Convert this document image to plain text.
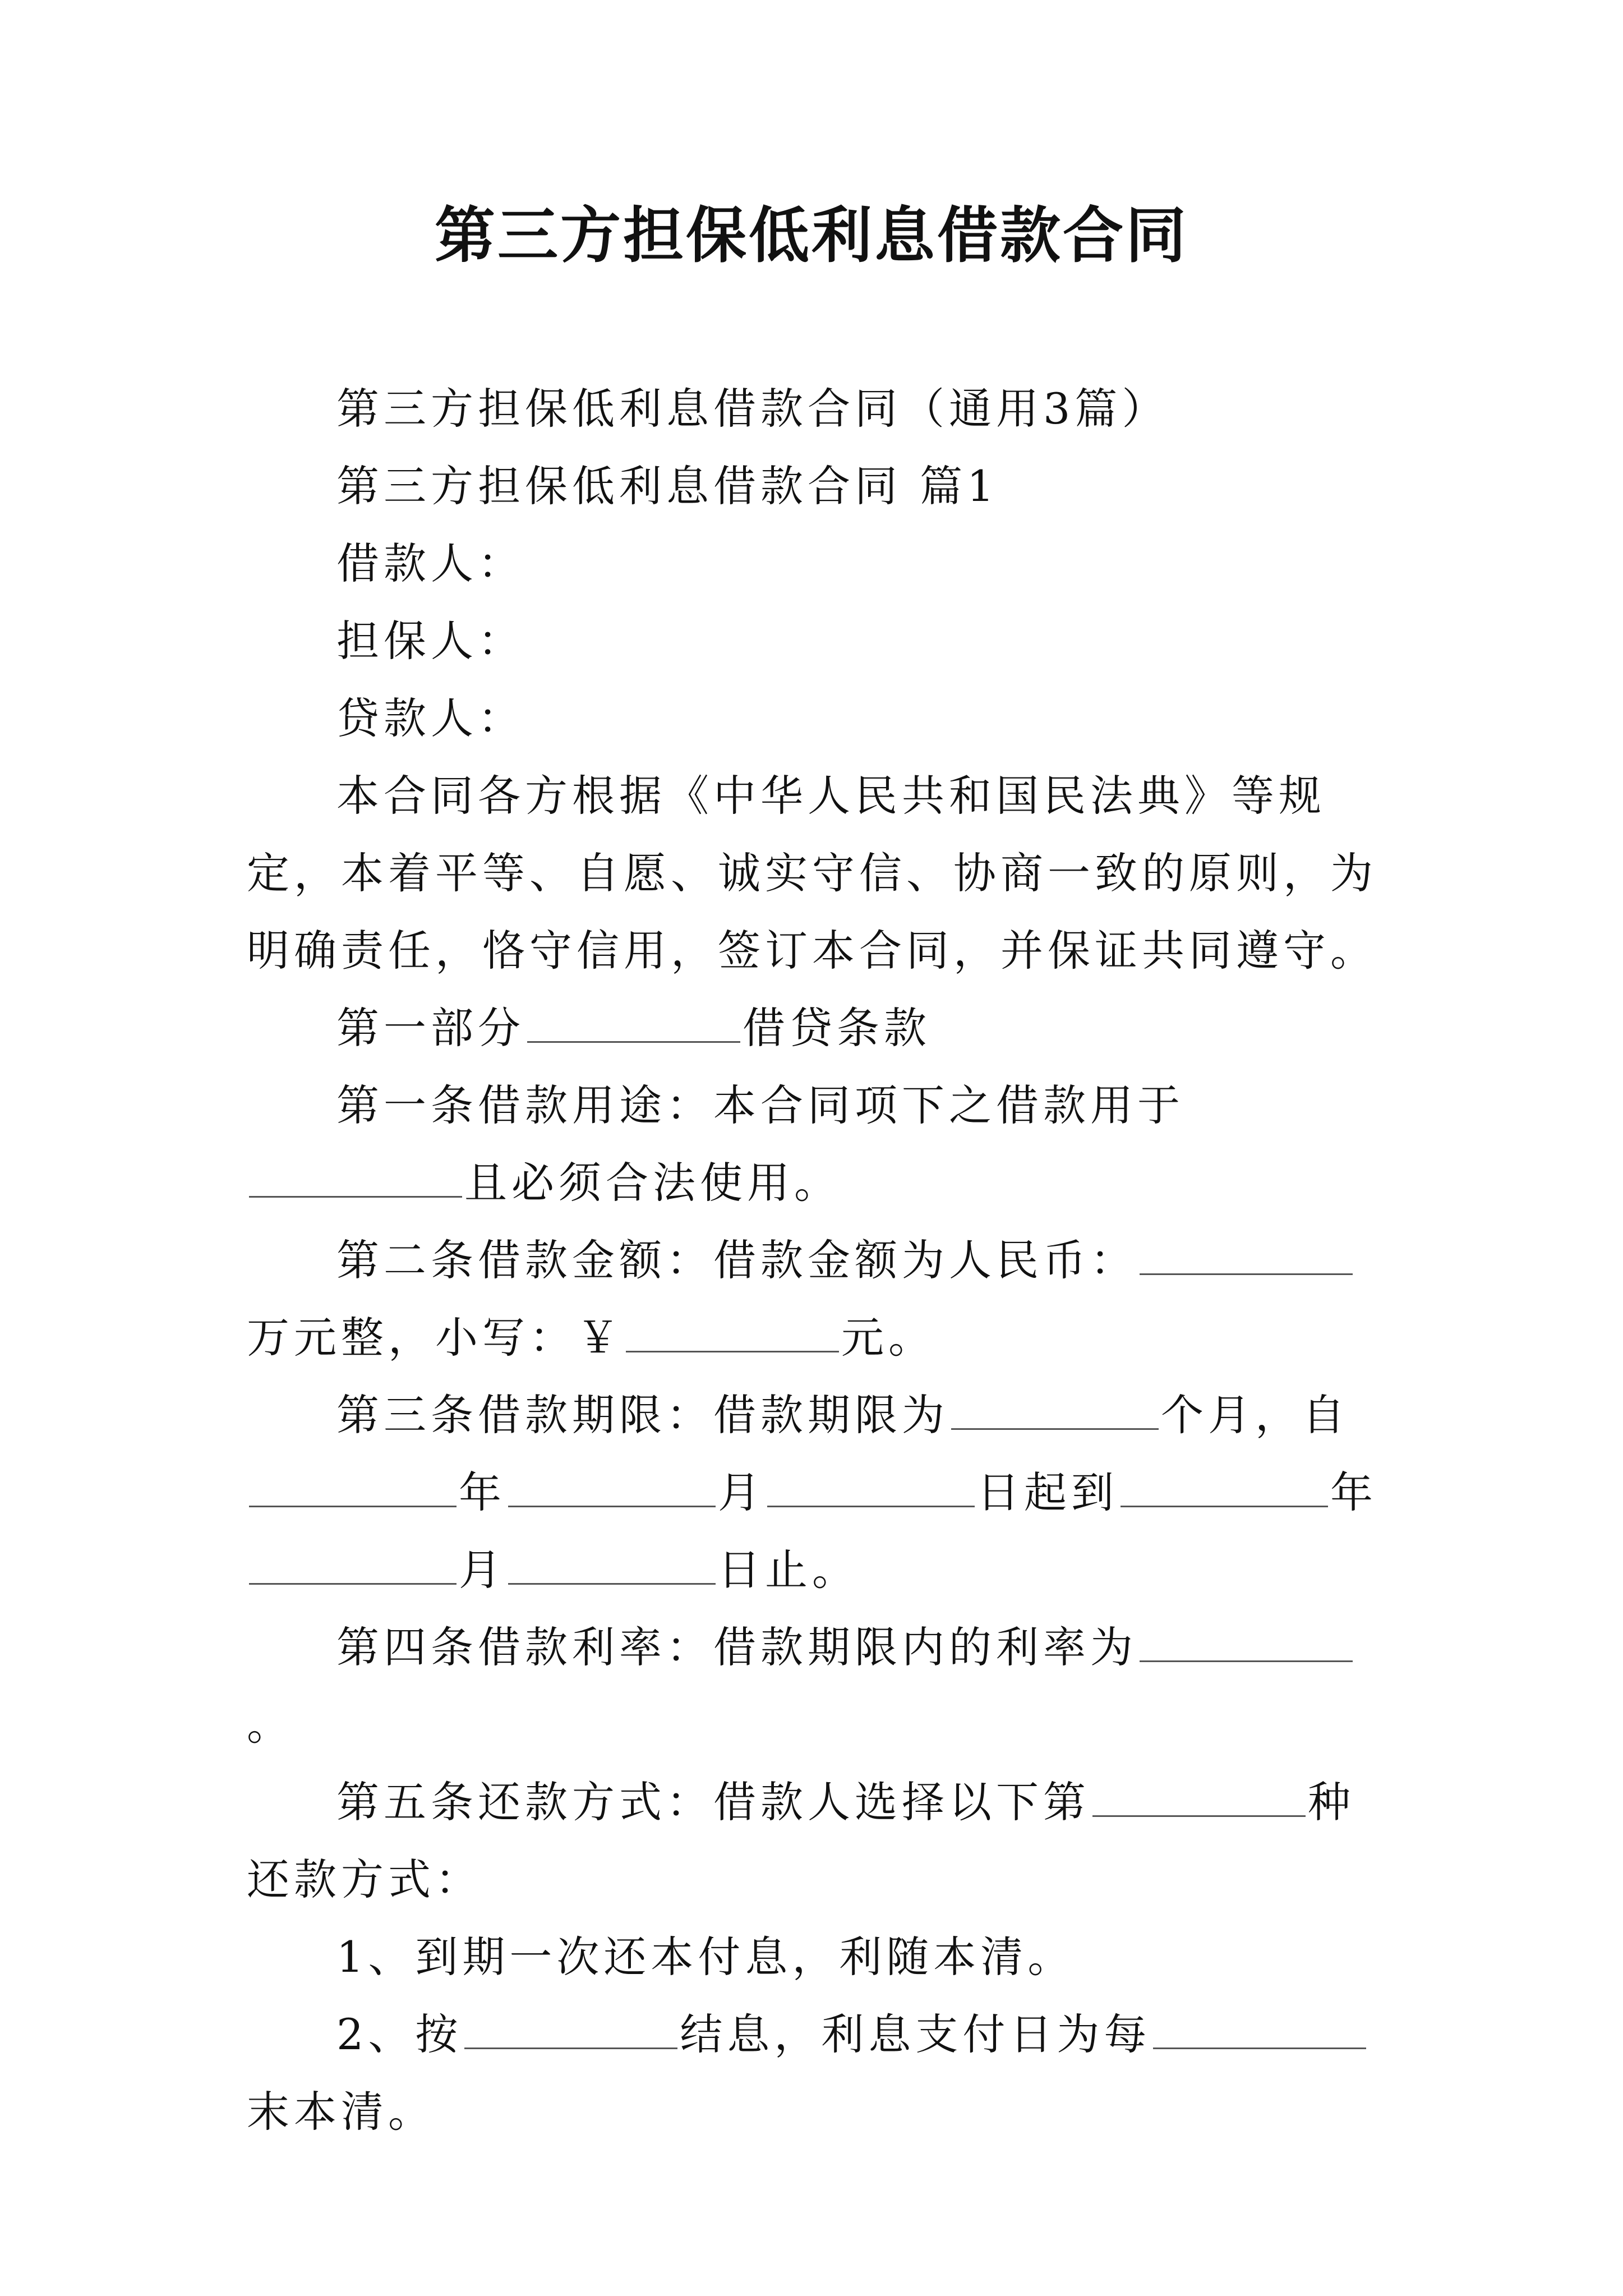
第三方担保低利息借款合同

第三方担保低利息借款合同（通用3篇）

第三方担保低利息借款合同 篇1

借款人：

担保人：

贷款人：

本合同各方根据《中华人民共和国民法典》等规定，本着平等、自愿、诚实守信、协商一致的原则，为明确责任，恪守信用，签订本合同，并保证共同遵守。

第一部分	借贷条款

第一条借款用途：本合同项下之借款用于且必须合法使用。

第二条借款金额：借款金额为人民币：万元整，小写：￥	元。

第三条借款期限：借款期限为	个月，自年	月	日起到	年月	日止。

第四条借款利率：借款期限内的利率为。

第五条还款方式：借款人选择以下第	种还款方式：

1、到期一次还本付息，利随本清。

2、按	结息，利息支付日为每末本清。
